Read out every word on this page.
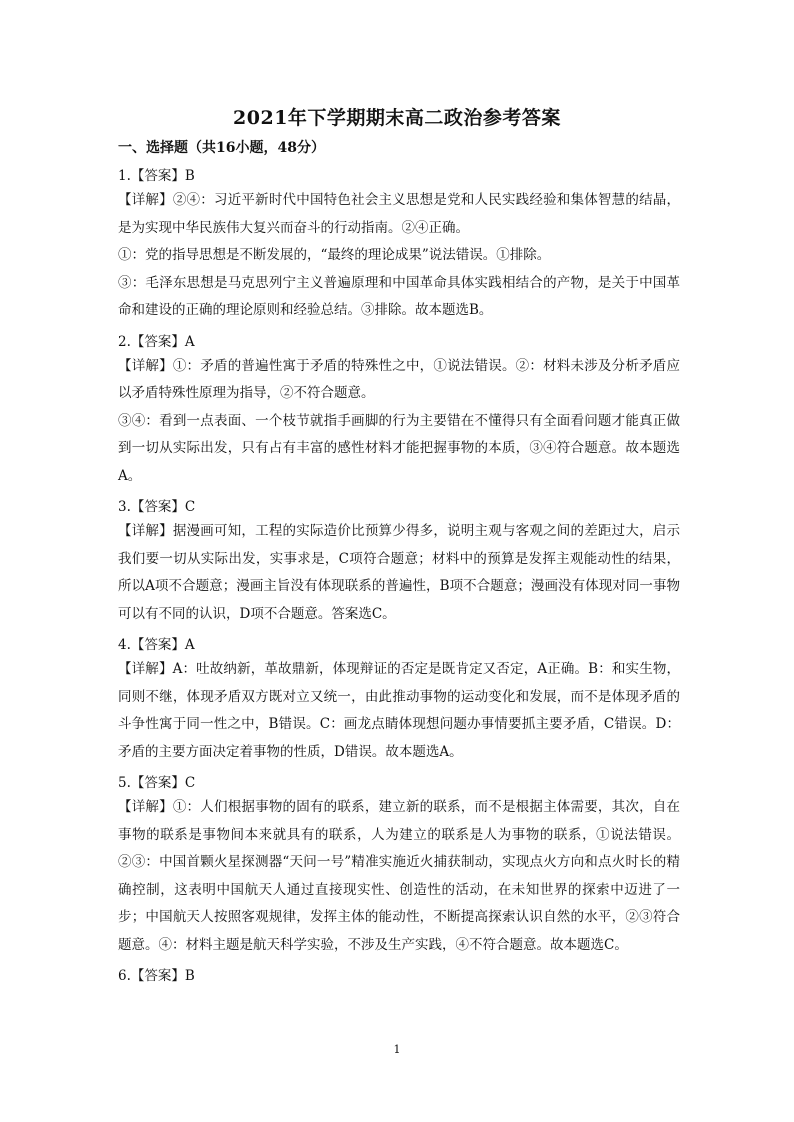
2021年下学期期末高二政治参考答案
一、选择题（共16小题，48分）
1.【答案】B

【详解】②④：习近平新时代中国特色社会主义思想是党和人民实践经验和集体智慧的结晶，是为实现中华民族伟大复兴而奋斗的行动指南。②④正确。

①：党的指导思想是不断发展的，“最终的理论成果”说法错误。①排除。

③：毛泽东思想是马克思列宁主义普遍原理和中国革命具体实践相结合的产物，是关于中国革命和建设的正确的理论原则和经验总结。③排除。故本题选B。

2.【答案】A

【详解】①：矛盾的普遍性寓于矛盾的特殊性之中，①说法错误。②：材料未涉及分析矛盾应以矛盾特殊性原理为指导，②不符合题意。

③④：看到一点表面、一个枝节就指手画脚的行为主要错在不懂得只有全面看问题才能真正做到一切从实际出发，只有占有丰富的感性材料才能把握事物的本质，③④符合题意。故本题选A。

3.【答案】C

【详解】据漫画可知，工程的实际造价比预算少得多，说明主观与客观之间的差距过大，启示我们要一切从实际出发，实事求是，C项符合题意；材料中的预算是发挥主观能动性的结果，所以A项不合题意；漫画主旨没有体现联系的普遍性，B项不合题意；漫画没有体现对同一事物可以有不同的认识，D项不合题意。答案选C。

4.【答案】A

【详解】A：吐故纳新，革故鼎新，体现辩证的否定是既肯定又否定，A正确。B：和实生物，同则不继，体现矛盾双方既对立又统一，由此推动事物的运动变化和发展，而不是体现矛盾的斗争性寓于同一性之中，B错误。C：画龙点睛体现想问题办事情要抓主要矛盾，C错误。D：矛盾的主要方面决定着事物的性质，D错误。故本题选A。

5.【答案】C

【详解】①：人们根据事物的固有的联系，建立新的联系，而不是根据主体需要，其次，自在事物的联系是事物间本来就具有的联系，人为建立的联系是人为事物的联系，①说法错误。②③：中国首颗火星探测器“天问一号”精准实施近火捕获制动，实现点火方向和点火时长的精确控制，这表明中国航天人通过直接现实性、创造性的活动，在未知世界的探索中迈进了一步；中国航天人按照客观规律，发挥主体的能动性，不断提高探索认识自然的水平，②③符合题意。④：材料主题是航天科学实验，不涉及生产实践，④不符合题意。故本题选C。

6.【答案】B
1
